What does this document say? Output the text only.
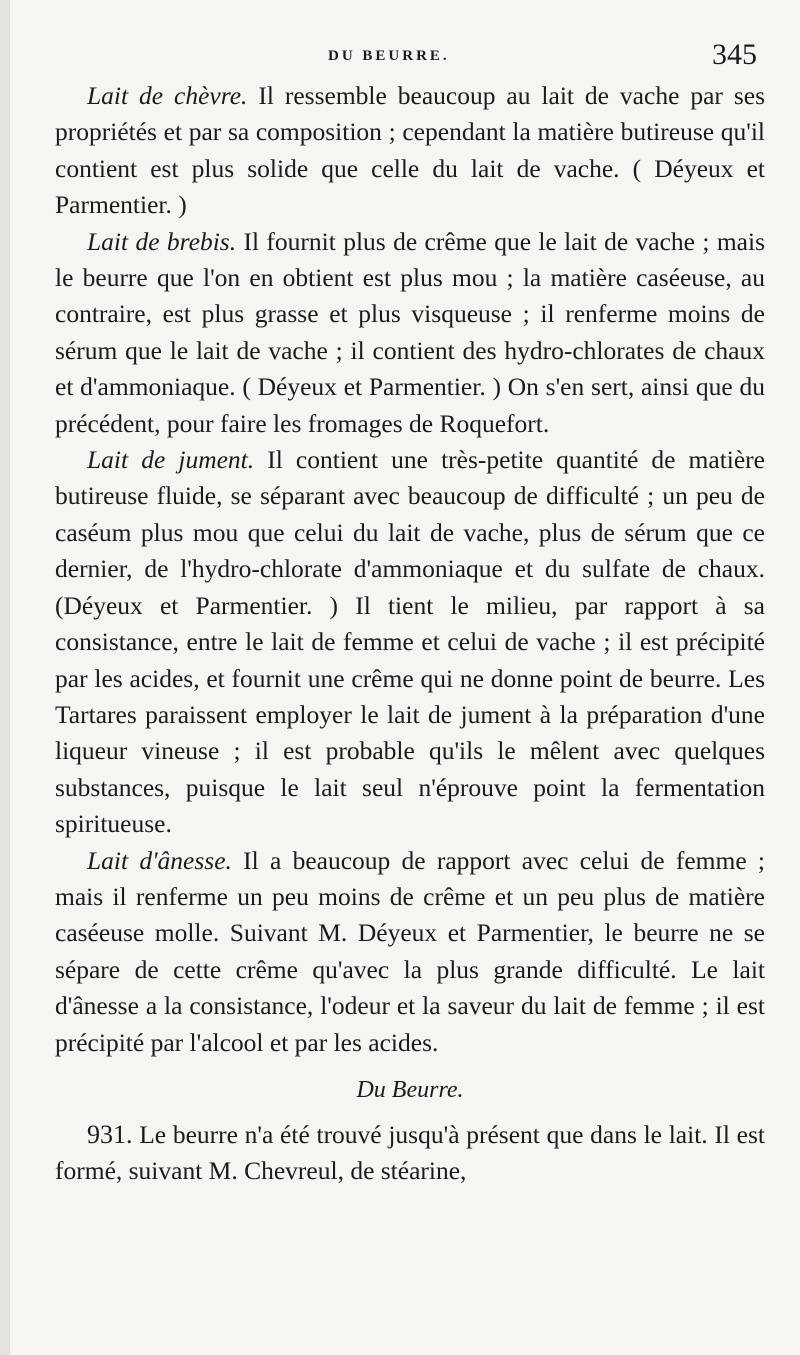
DU BEURRE.	345

Lait de chèvre. Il ressemble beaucoup au lait de vache par ses propriétés et par sa composition ; cependant la matière butireuse qu'il contient est plus solide que celle du lait de vache. ( Déyeux et Parmentier. )

Lait de brebis. Il fournit plus de crême que le lait de vache ; mais le beurre que l'on en obtient est plus mou ; la matière caséeuse, au contraire, est plus grasse et plus visqueuse ; il renferme moins de sérum que le lait de vache ; il contient des hydro-chlorates de chaux et d'ammoniaque. ( Déyeux et Parmentier. ) On s'en sert, ainsi que du précédent, pour faire les fromages de Roquefort.

Lait de jument. Il contient une très-petite quantité de matière butireuse fluide, se séparant avec beaucoup de difficulté ; un peu de caséum plus mou que celui du lait de vache, plus de sérum que ce dernier, de l'hydro-chlorate d'ammoniaque et du sulfate de chaux. (Déyeux et Parmentier. ) Il tient le milieu, par rapport à sa consistance, entre le lait de femme et celui de vache ; il est précipité par les acides, et fournit une crême qui ne donne point de beurre. Les Tartares paraissent employer le lait de jument à la préparation d'une liqueur vineuse ; il est probable qu'ils le mêlent avec quelques substances, puisque le lait seul n'éprouve point la fermentation spiritueuse.

Lait d'ânesse. Il a beaucoup de rapport avec celui de femme ; mais il renferme un peu moins de crême et un peu plus de matière caséeuse molle. Suivant M. Déyeux et Parmentier, le beurre ne se sépare de cette crême qu'avec la plus grande difficulté. Le lait d'ânesse a la consistance, l'odeur et la saveur du lait de femme ; il est précipité par l'alcool et par les acides.

Du Beurre.

931. Le beurre n'a été trouvé jusqu'à présent que dans le lait. Il est formé, suivant M. Chevreul, de stéarine,
